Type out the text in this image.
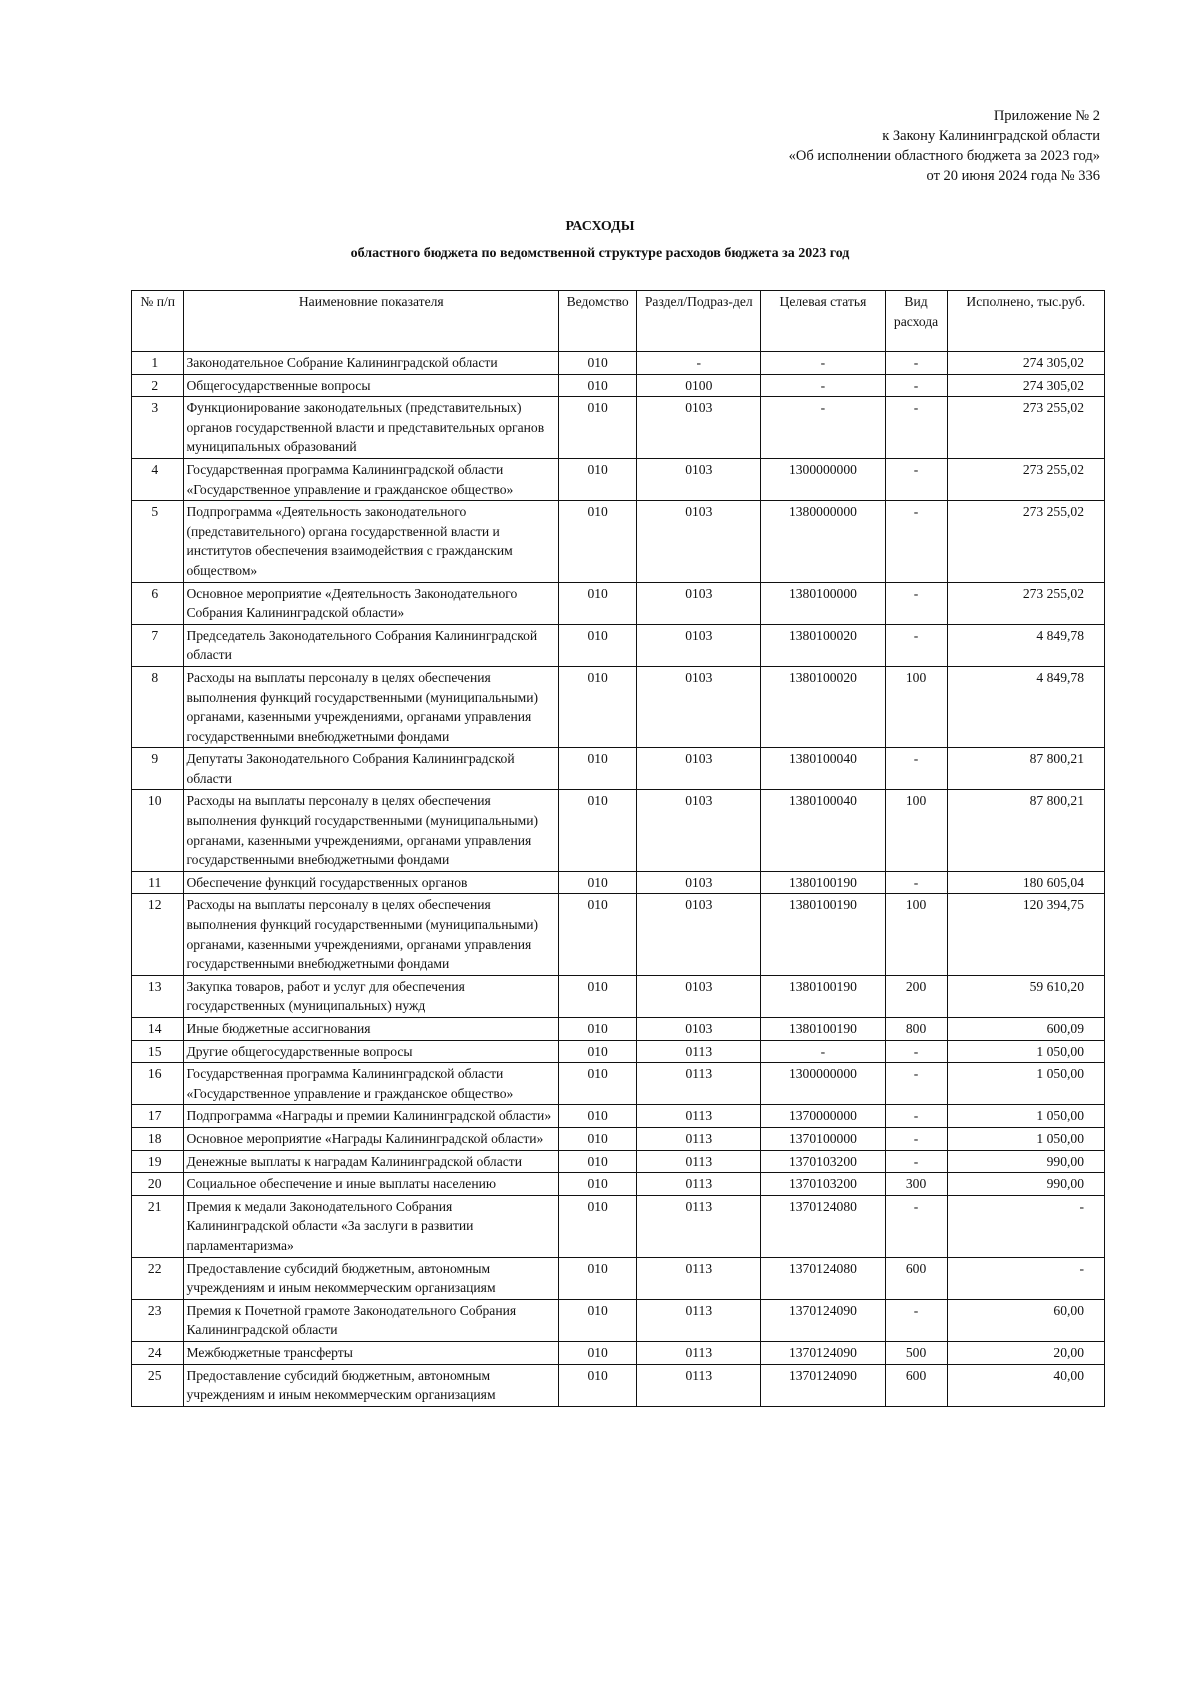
Приложение № 2
к Закону Калининградской области
«Об исполнении областного бюджета за 2023 год»
от 20 июня 2024 года № 336
РАСХОДЫ
областного бюджета по ведомственной структуре расходов бюджета за 2023 год
№ п/п	Наименовние показателя	Ведомство	Раздел/Подраз-дел	Целевая статья	Вид расхода	Исполнено, тыс.руб.
1	Законодательное Собрание Калининградской области	010	-	-	-	274 305,02
2	Общегосударственные вопросы	010	0100	-	-	274 305,02
3	Функционирование законодательных (представительных) органов государственной власти и представительных органов муниципальных образований	010	0103	-	-	273 255,02
4	Государственная программа Калининградской области «Государственное управление и гражданское общество»	010	0103	1300000000	-	273 255,02
5	Подпрограмма «Деятельность законодательного (представительного) органа государственной власти и институтов обеспечения взаимодействия с гражданским обществом»	010	0103	1380000000	-	273 255,02
6	Основное мероприятие «Деятельность Законодательного Собрания Калининградской области»	010	0103	1380100000	-	273 255,02
7	Председатель Законодательного Собрания Калининградской области	010	0103	1380100020	-	4 849,78
8	Расходы на выплаты персоналу в целях обеспечения выполнения функций государственными (муниципальными) органами, казенными учреждениями, органами управления государственными внебюджетными фондами	010	0103	1380100020	100	4 849,78
9	Депутаты Законодательного Собрания Калининградской области	010	0103	1380100040	-	87 800,21
10	Расходы на выплаты персоналу в целях обеспечения выполнения функций государственными (муниципальными) органами, казенными учреждениями, органами управления государственными внебюджетными фондами	010	0103	1380100040	100	87 800,21
11	Обеспечение функций государственных органов	010	0103	1380100190	-	180 605,04
12	Расходы на выплаты персоналу в целях обеспечения выполнения функций государственными (муниципальными) органами, казенными учреждениями, органами управления государственными внебюджетными фондами	010	0103	1380100190	100	120 394,75
13	Закупка товаров, работ и услуг для обеспечения государственных (муниципальных) нужд	010	0103	1380100190	200	59 610,20
14	Иные бюджетные ассигнования	010	0103	1380100190	800	600,09
15	Другие общегосударственные вопросы	010	0113	-	-	1 050,00
16	Государственная программа Калининградской области «Государственное управление и гражданское общество»	010	0113	1300000000	-	1 050,00
17	Подпрограмма «Награды и премии Калининградской области»	010	0113	1370000000	-	1 050,00
18	Основное мероприятие «Награды Калининградской области»	010	0113	1370100000	-	1 050,00
19	Денежные выплаты к наградам Калининградской области	010	0113	1370103200	-	990,00
20	Социальное обеспечение и иные выплаты населению	010	0113	1370103200	300	990,00
21	Премия к медали Законодательного Собрания Калининградской области «За заслуги в развитии парламентаризма»	010	0113	1370124080	-	-
22	Предоставление субсидий бюджетным, автономным учреждениям и иным некоммерческим организациям	010	0113	1370124080	600	-
23	Премия к Почетной грамоте Законодательного Собрания Калининградской области	010	0113	1370124090	-	60,00
24	Межбюджетные трансферты	010	0113	1370124090	500	20,00
25	Предоставление субсидий бюджетным, автономным учреждениям и иным некоммерческим организациям	010	0113	1370124090	600	40,00
